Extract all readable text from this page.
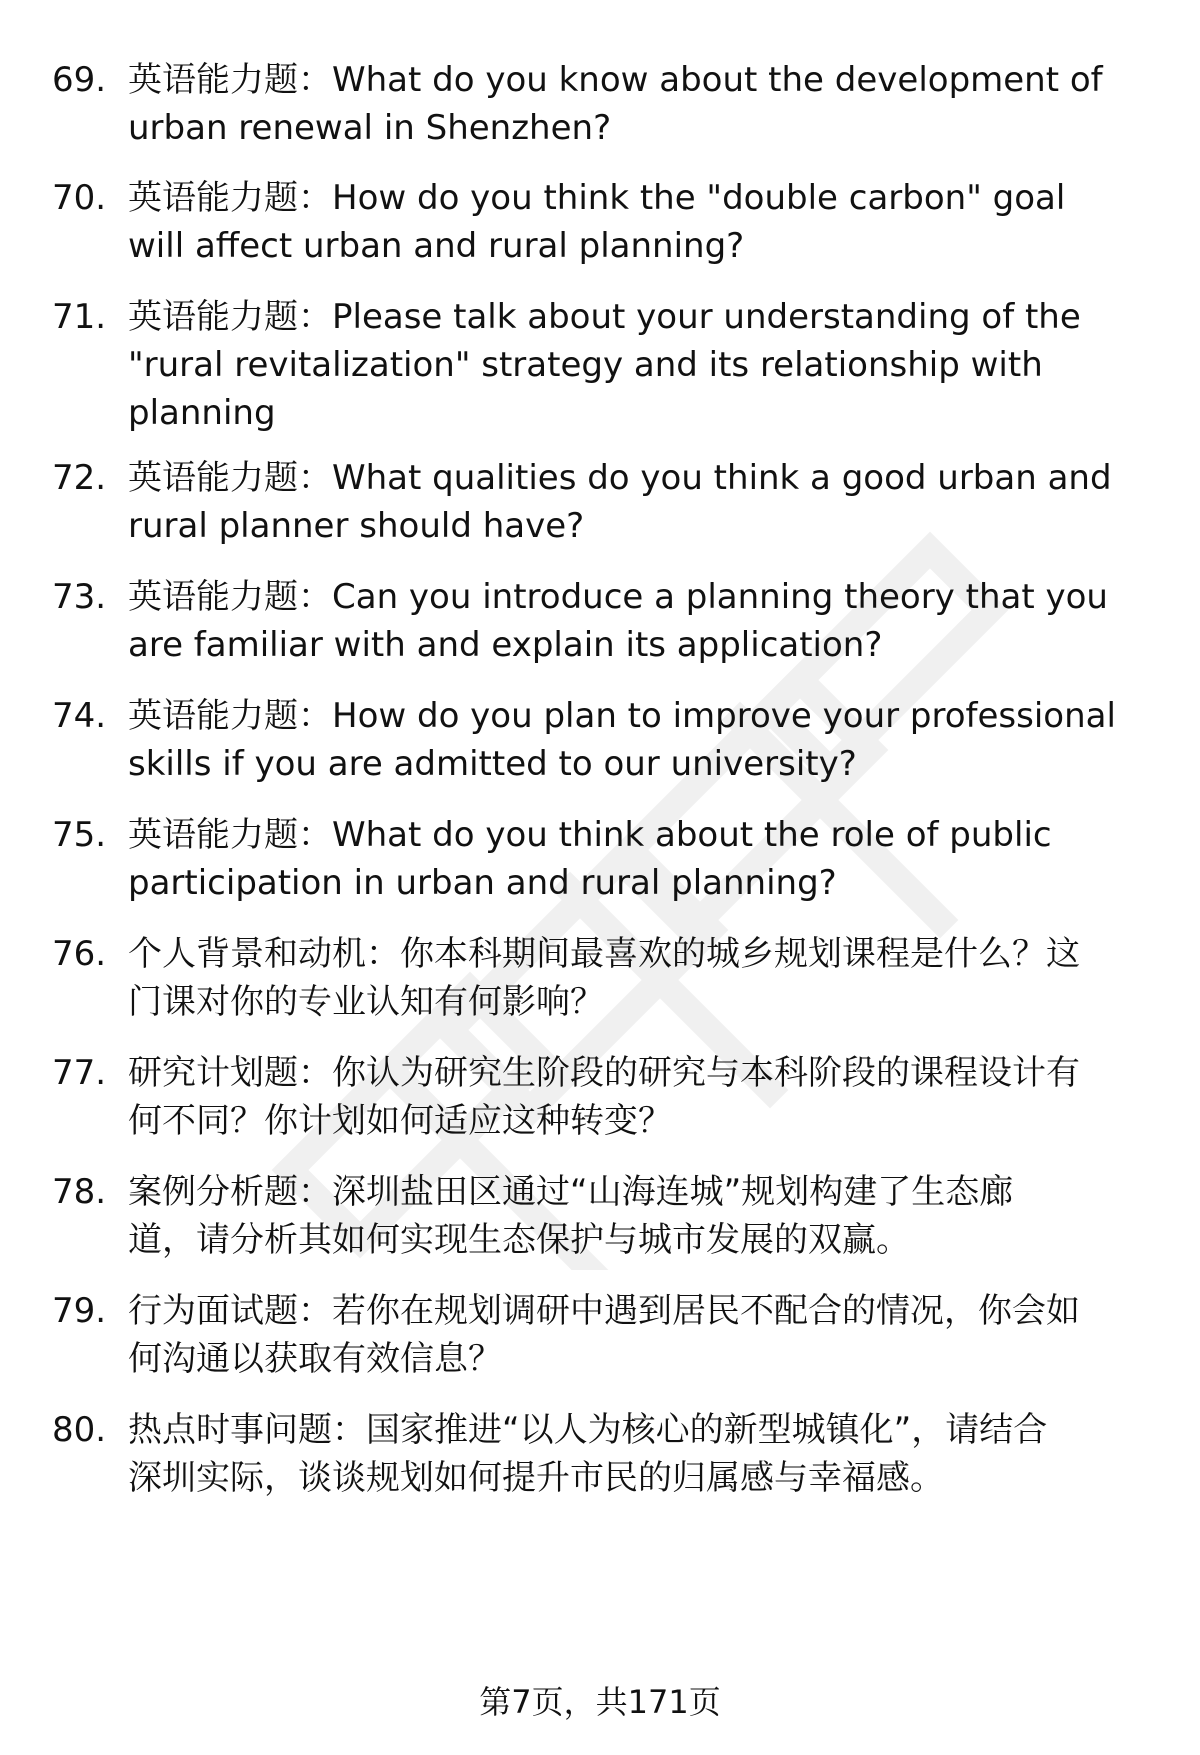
69. 英语能力题：What do you know about the development of
urban renewal in Shenzhen?
70. 英语能力题：How do you think the "double carbon" goal
will affect urban and rural planning?
71. 英语能力题：Please talk about your understanding of the
"rural revitalization" strategy and its relationship with
planning
72. 英语能力题：What qualities do you think a good urban and
rural planner should have?
73. 英语能力题：Can you introduce a planning theory that you
are familiar with and explain its application?
74. 英语能力题：How do you plan to improve your professional
skills if you are admitted to our university?
75. 英语能力题：What do you think about the role of public
participation in urban and rural planning?
76. 个人背景和动机：你本科期间最喜欢的城乡规划课程是什么？这
门课对你的专业认知有何影响？
77. 研究计划题：你认为研究生阶段的研究与本科阶段的课程设计有
何不同？你计划如何适应这种转变？
78. 案例分析题：深圳盐田区通过“山海连城”规划构建了生态廊
道，请分析其如何实现生态保护与城市发展的双赢。
79. 行为面试题：若你在规划调研中遇到居民不配合的情况，你会如
何沟通以获取有效信息？
80. 热点时事问题：国家推进“以人为核心的新型城镇化”，请结合
深圳实际，谈谈规划如何提升市民的归属感与幸福感。
第7页，共171页
